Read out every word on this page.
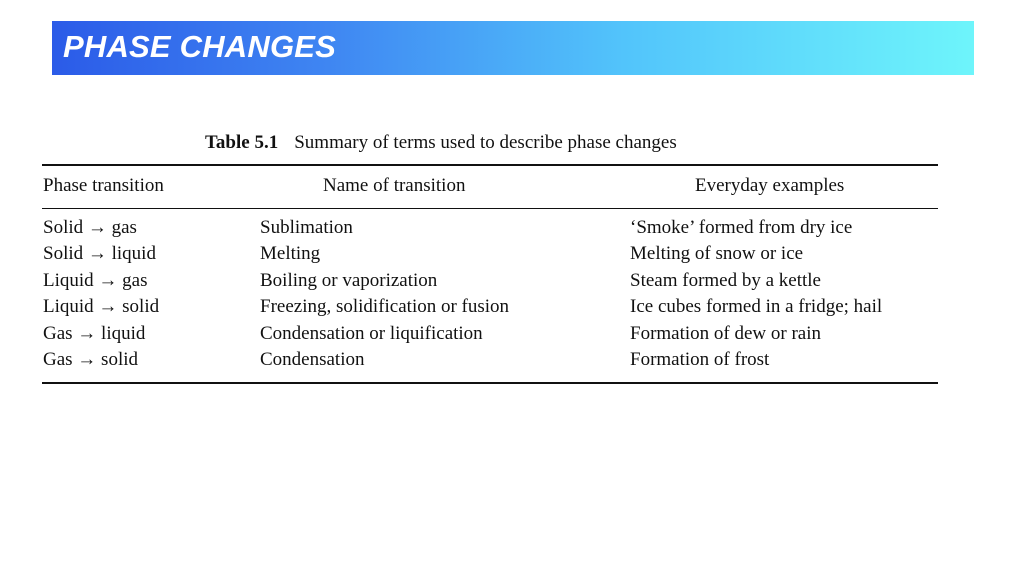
PHASE CHANGES
Table 5.1 Summary of terms used to describe phase changes
Phase transition	Name of transition	Everyday examples
Solid → gas	Sublimation	‘Smoke’ formed from dry ice
Solid → liquid	Melting	Melting of snow or ice
Liquid → gas	Boiling or vaporization	Steam formed by a kettle
Liquid → solid	Freezing, solidification or fusion	Ice cubes formed in a fridge; hail
Gas → liquid	Condensation or liquification	Formation of dew or rain
Gas → solid	Condensation	Formation of frost
